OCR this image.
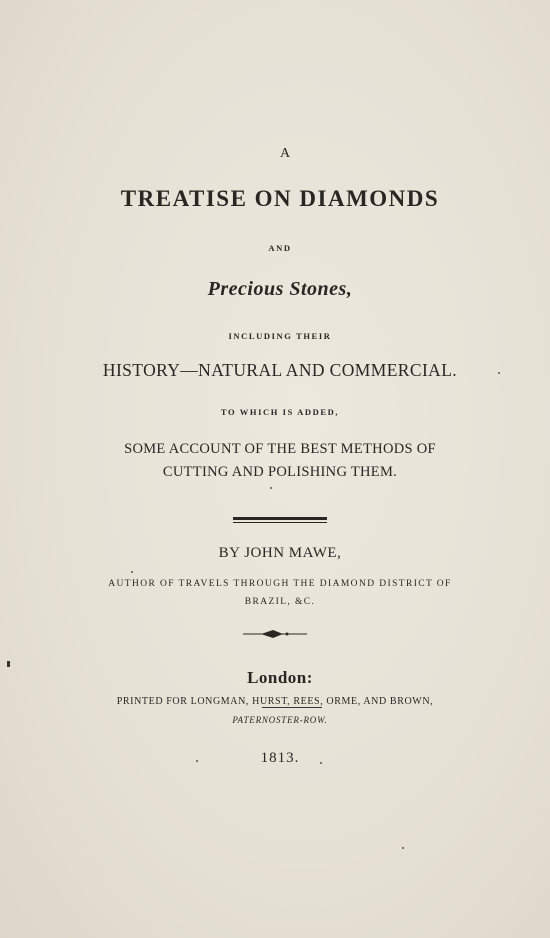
A
TREATISE ON DIAMONDS
AND
Precious Stones,
INCLUDING THEIR
HISTORY—NATURAL AND COMMERCIAL.
TO WHICH IS ADDED,
SOME ACCOUNT OF THE BEST METHODS OF
CUTTING AND POLISHING THEM.
BY JOHN MAWE,
AUTHOR OF TRAVELS THROUGH THE DIAMOND DISTRICT OF
BRAZIL, &C.
London:
PRINTED FOR LONGMAN, HURST, REES, ORME, AND BROWN,
PATERNOSTER-ROW.
1813.
